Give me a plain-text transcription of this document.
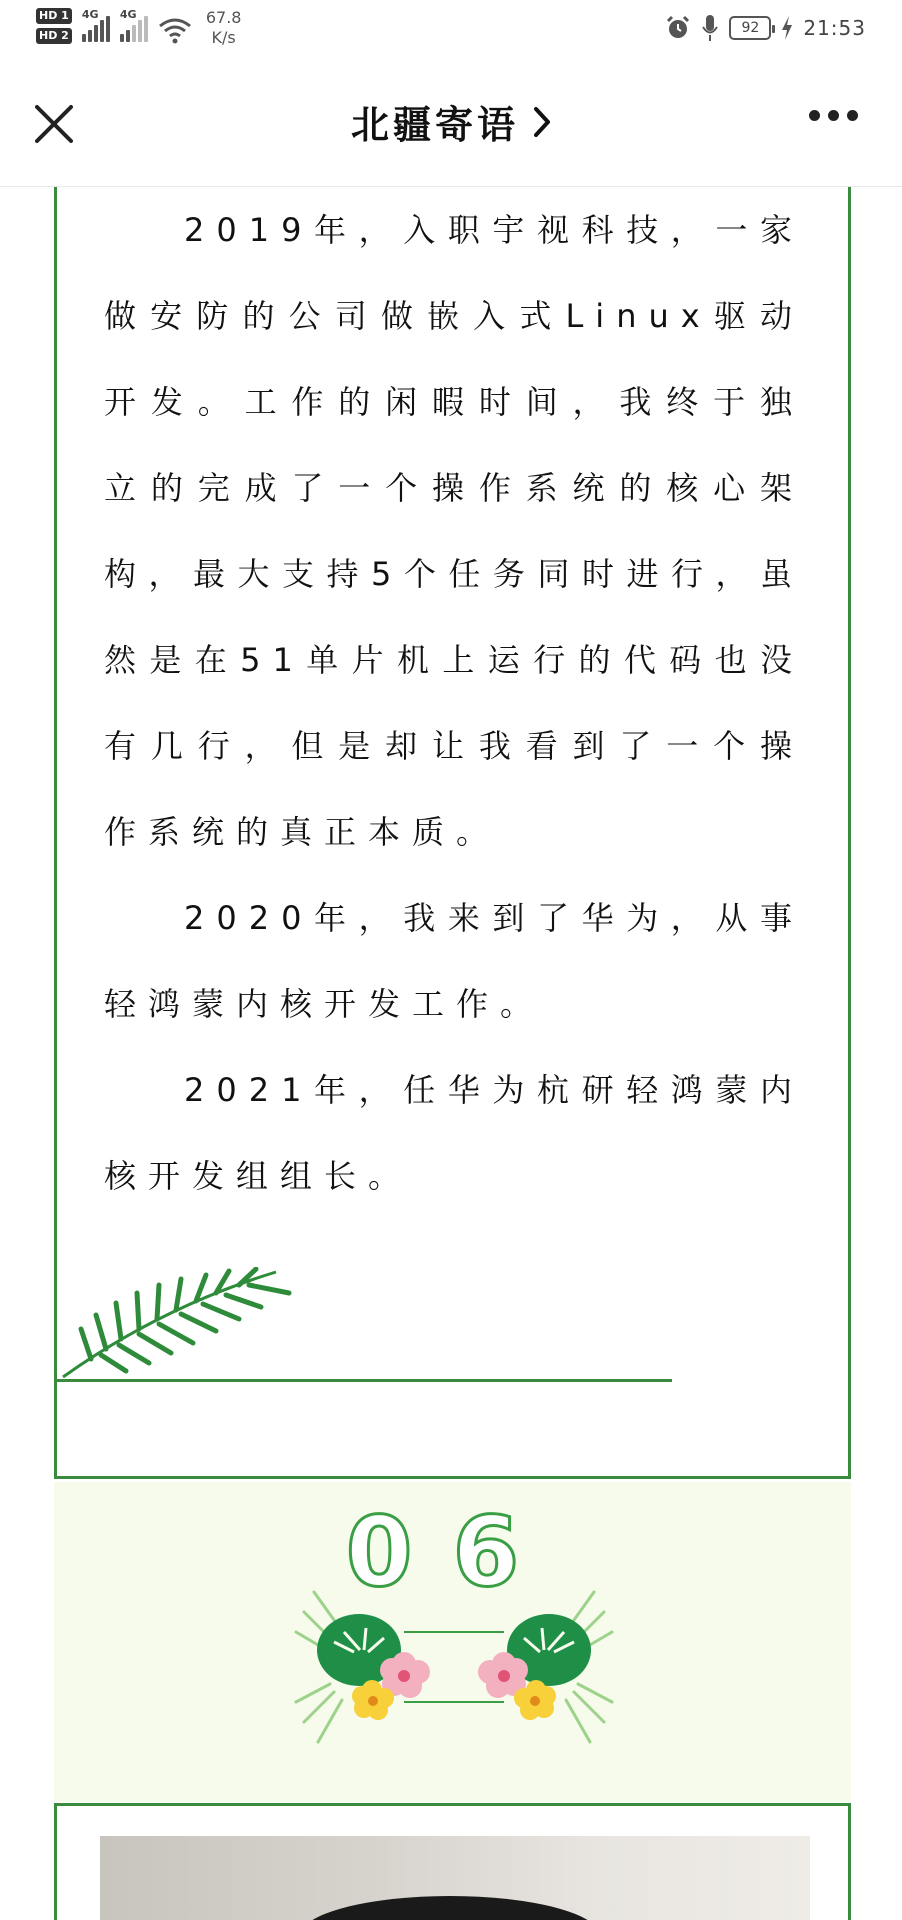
HD 1
HD 2
4G 4G	67.8
K/s	92 21:53
北疆寄语

2019年，入职宇视科技，一家做安防的公司做嵌入式Linux驱动开发。工作的闲暇时间，我终于独立的完成了一个操作系统的核心架构，最大支持5个任务同时进行，虽然是在51单片机上运行的代码也没有几行，但是却让我看到了一个操作系统的真正本质。

2020年，我来到了华为，从事轻鸿蒙内核开发工作。

2021年，任华为杭研轻鸿蒙内核开发组组长。

06
